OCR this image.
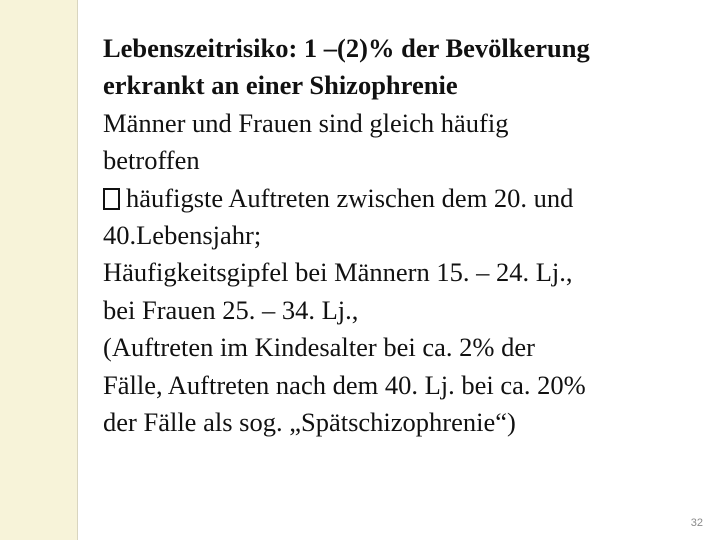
Lebenszeitrisiko: 1 –(2)% der Bevölkerung
erkrankt an einer Shizophrenie
Männer und Frauen sind gleich häufig
betroffen
häufigste Auftreten zwischen dem 20. und
40.Lebensjahr;
Häufigkeitsgipfel bei Männern 15. – 24. Lj.,
bei Frauen 25. – 34. Lj.,
(Auftreten im Kindesalter bei ca. 2% der
Fälle, Auftreten nach dem 40. Lj. bei ca. 20%
der Fälle als sog. „Spätschizophrenie“)
32
